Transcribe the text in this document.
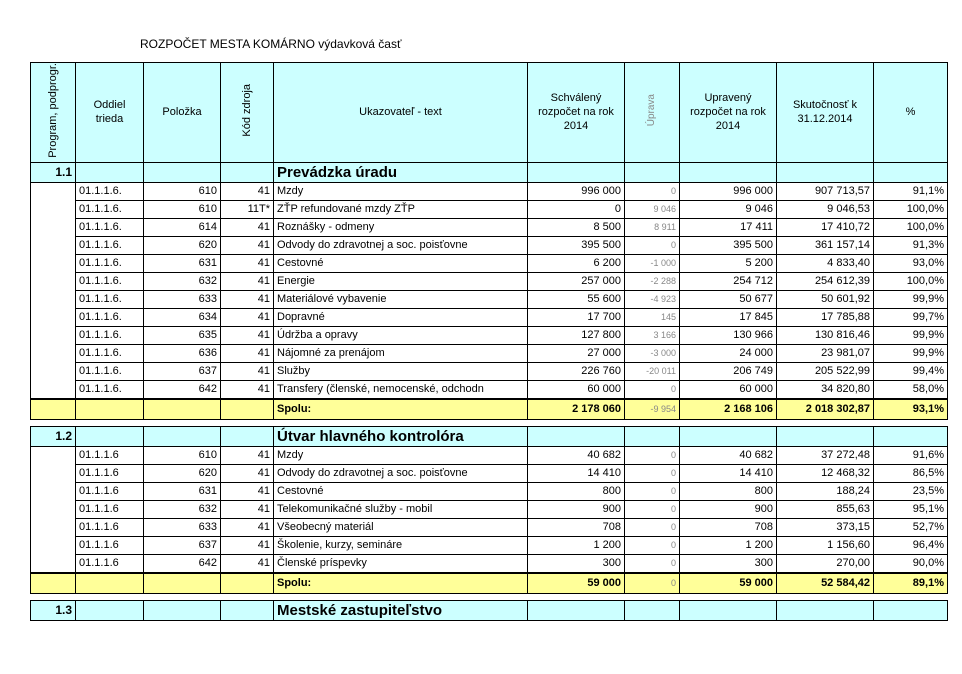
ROZPOČET MESTA KOMÁRNO výdavková časť
Program, podprogr.	Oddiel trieda	Položka	Kód zdroja	Ukazovateľ - text	Schválený rozpočet na rok 2014	Úprava	Upravený rozpočet na rok 2014	Skutočnosť k 31.12.2014	%
1.1				Prevádzka úradu					
	01.1.1.6.	610	41	Mzdy	996 000	0	996 000	907 713,57	91,1%
	01.1.1.6.	610	11T*	ZŤP refundované mzdy ZŤP	0	9 046	9 046	9 046,53	100,0%
	01.1.1.6.	614	41	Roznášky - odmeny	8 500	8 911	17 411	17 410,72	100,0%
	01.1.1.6.	620	41	Odvody do zdravotnej a soc. poisťovne	395 500	0	395 500	361 157,14	91,3%
	01.1.1.6.	631	41	Cestovné	6 200	-1 000	5 200	4 833,40	93,0%
	01.1.1.6.	632	41	Energie	257 000	-2 288	254 712	254 612,39	100,0%
	01.1.1.6.	633	41	Materiálové vybavenie	55 600	-4 923	50 677	50 601,92	99,9%
	01.1.1.6.	634	41	Dopravné	17 700	145	17 845	17 785,88	99,7%
	01.1.1.6.	635	41	Údržba a opravy	127 800	3 166	130 966	130 816,46	99,9%
	01.1.1.6.	636	41	Nájomné za prenájom	27 000	-3 000	24 000	23 981,07	99,9%
	01.1.1.6.	637	41	Služby	226 760	-20 011	206 749	205 522,99	99,4%
	01.1.1.6.	642	41	Transfery (členské, nemocenské, odchodn	60 000	0	60 000	34 820,80	58,0%
				Spolu:	2 178 060	-9 954	2 168 106	2 018 302,87	93,1%

1.2				Útvar hlavného kontrolóra					
	01.1.1.6	610	41	Mzdy	40 682	0	40 682	37 272,48	91,6%
	01.1.1.6	620	41	Odvody do zdravotnej a soc. poisťovne	14 410	0	14 410	12 468,32	86,5%
	01.1.1.6	631	41	Cestovné	800	0	800	188,24	23,5%
	01.1.1.6	632	41	Telekomunikačné služby - mobil	900	0	900	855,63	95,1%
	01.1.1.6	633	41	Všeobecný materiál	708	0	708	373,15	52,7%
	01.1.1.6	637	41	Školenie, kurzy, semináre	1 200	0	1 200	1 156,60	96,4%
	01.1.1.6	642	41	Členské príspevky	300	0	300	270,00	90,0%
				Spolu:	59 000	0	59 000	52 584,42	89,1%

1.3				Mestské zastupiteľstvo					
